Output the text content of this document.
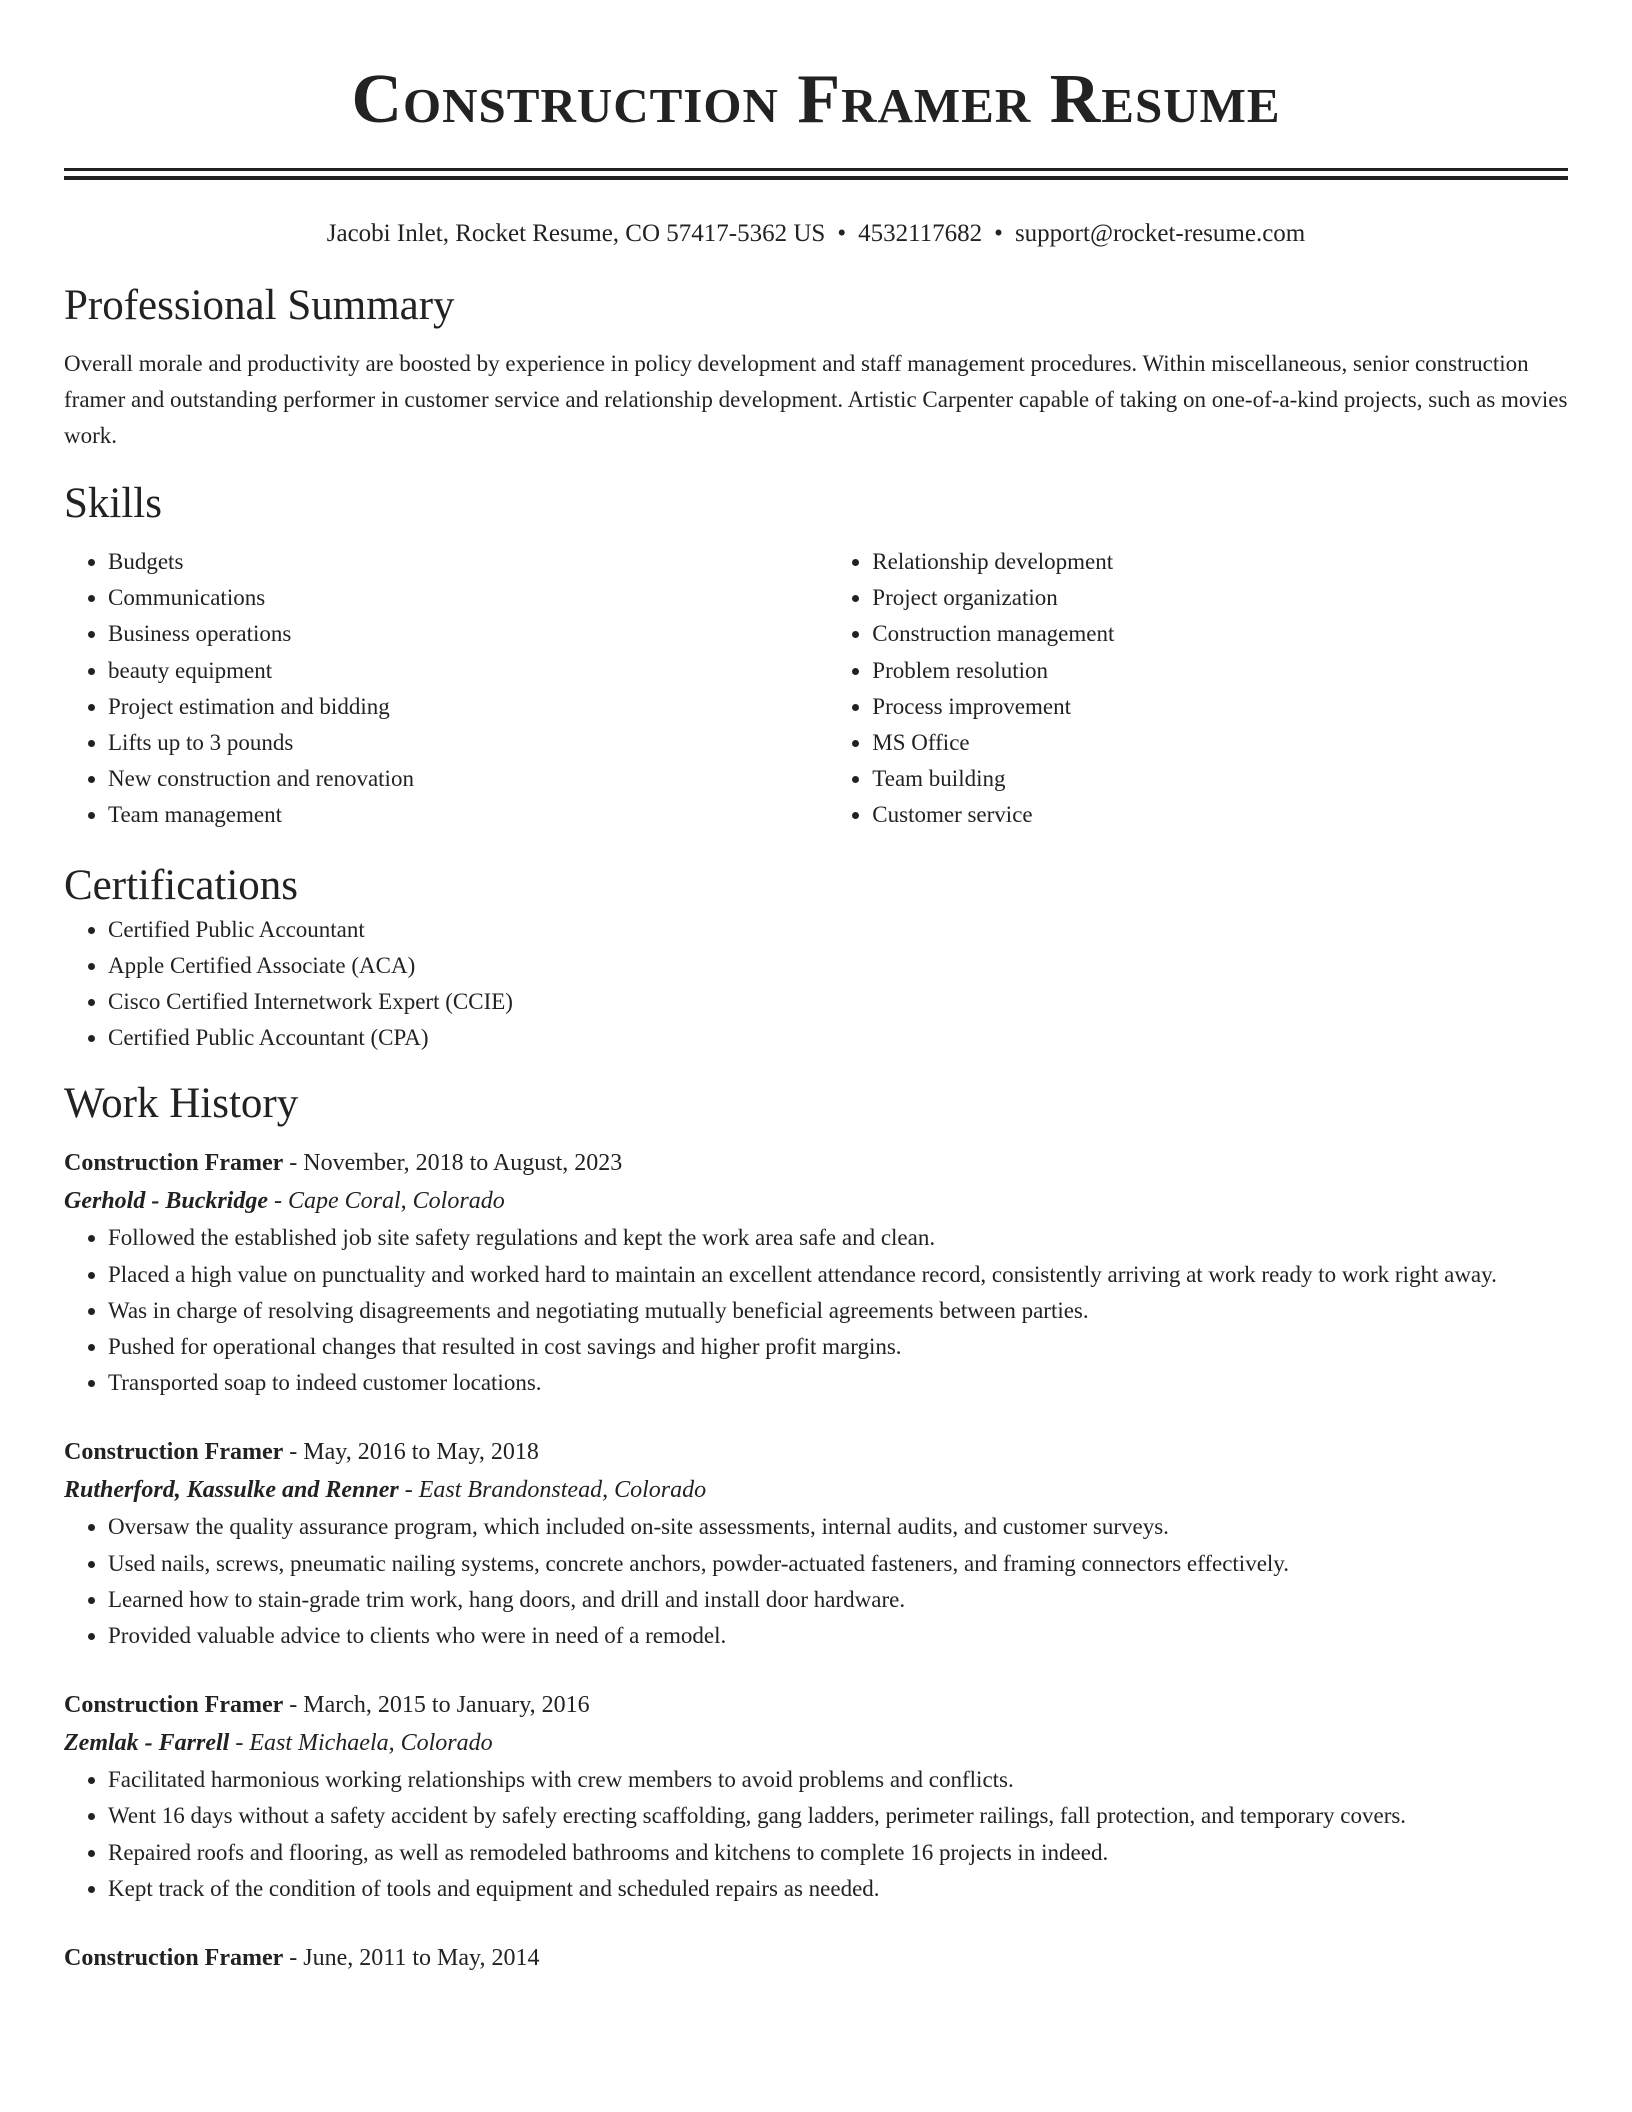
Construction Framer Resume
Jacobi Inlet, Rocket Resume, CO 57417-5362 US • 4532117682 • support@rocket-resume.com
Professional Summary

Overall morale and productivity are boosted by experience in policy development and staff management procedures. Within miscellaneous, senior construction framer and outstanding performer in customer service and relationship development. Artistic Carpenter capable of taking on one-of-a-kind projects, such as movies work.

Skills
• Budgets
• Communications
• Business operations
• beauty equipment
• Project estimation and bidding
• Lifts up to 3 pounds
• New construction and renovation
• Team management
• Relationship development
• Project organization
• Construction management
• Problem resolution
• Process improvement
• MS Office
• Team building
• Customer service
Certifications
• Certified Public Accountant
• Apple Certified Associate (ACA)
• Cisco Certified Internetwork Expert (CCIE)
• Certified Public Accountant (CPA)
Work History
Construction Framer - November, 2018 to August, 2023
Gerhold - Buckridge - Cape Coral, Colorado
• Followed the established job site safety regulations and kept the work area safe and clean.
• Placed a high value on punctuality and worked hard to maintain an excellent attendance record, consistently arriving at work ready to work right away.
• Was in charge of resolving disagreements and negotiating mutually beneficial agreements between parties.
• Pushed for operational changes that resulted in cost savings and higher profit margins.
• Transported soap to indeed customer locations.
Construction Framer - May, 2016 to May, 2018
Rutherford, Kassulke and Renner - East Brandonstead, Colorado
• Oversaw the quality assurance program, which included on-site assessments, internal audits, and customer surveys.
• Used nails, screws, pneumatic nailing systems, concrete anchors, powder-actuated fasteners, and framing connectors effectively.
• Learned how to stain-grade trim work, hang doors, and drill and install door hardware.
• Provided valuable advice to clients who were in need of a remodel.
Construction Framer - March, 2015 to January, 2016
Zemlak - Farrell - East Michaela, Colorado
• Facilitated harmonious working relationships with crew members to avoid problems and conflicts.
• Went 16 days without a safety accident by safely erecting scaffolding, gang ladders, perimeter railings, fall protection, and temporary covers.
• Repaired roofs and flooring, as well as remodeled bathrooms and kitchens to complete 16 projects in indeed.
• Kept track of the condition of tools and equipment and scheduled repairs as needed.
Construction Framer - June, 2011 to May, 2014
